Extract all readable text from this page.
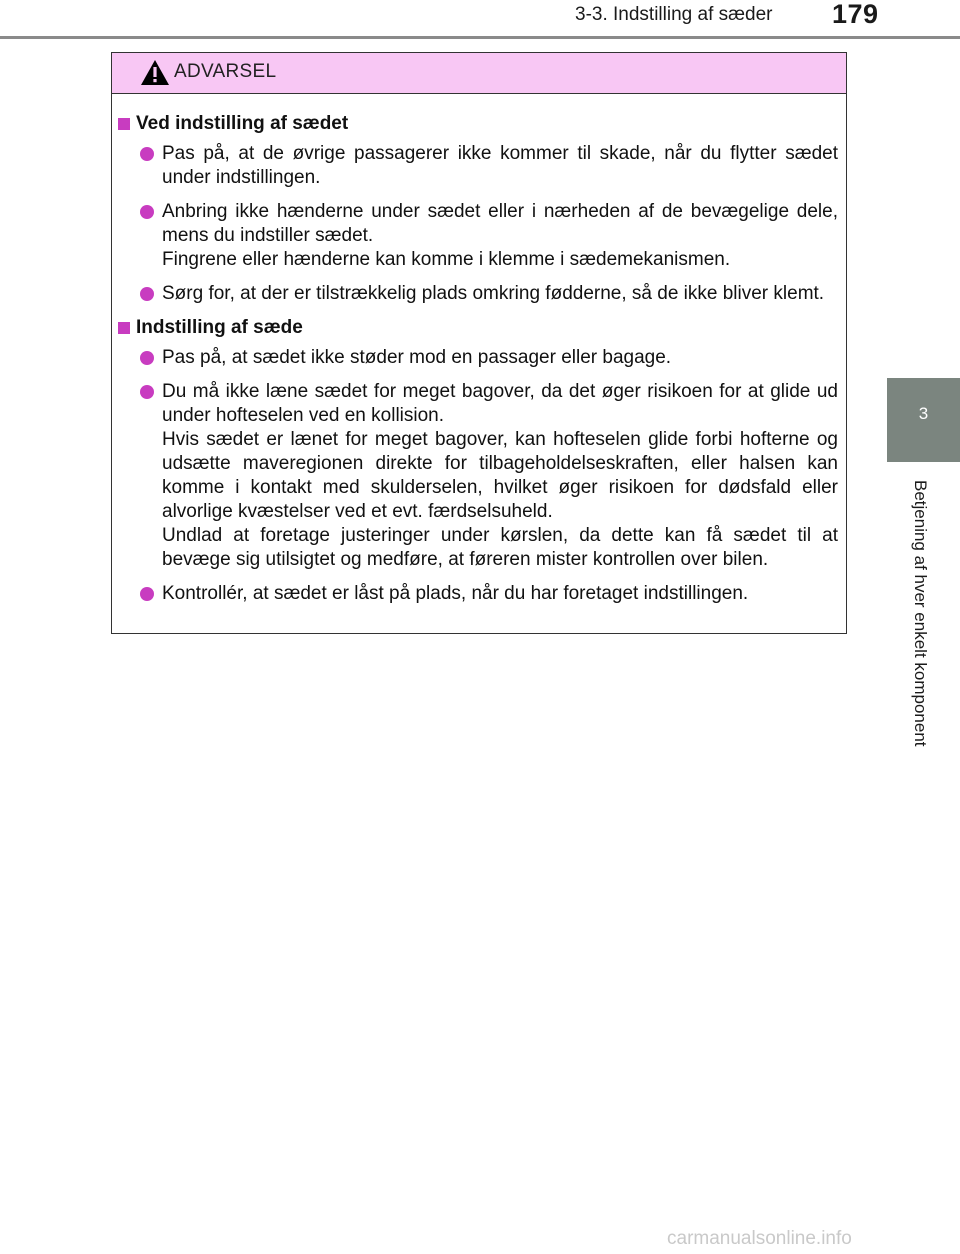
3-3. Indstilling af sæder 179
3
Betjening af hver enkelt komponent
ADVARSEL
Ved indstilling af sædet

Pas på, at de øvrige passagerer ikke kommer til skade, når du flytter sædet under indstillingen.

Anbring ikke hænderne under sædet eller i nærheden af de bevægelige dele, mens du indstiller sædet.

Fingrene eller hænderne kan komme i klemme i sædemekanismen.

Sørg for, at der er tilstrækkelig plads omkring fødderne, så de ikke bliver klemt.

Indstilling af sæde

Pas på, at sædet ikke støder mod en passager eller bagage.

Du må ikke læne sædet for meget bagover, da det øger risikoen for at glide ud under hofteselen ved en kollision.

Hvis sædet er lænet for meget bagover, kan hofteselen glide forbi hofterne og udsætte maveregionen direkte for tilbageholdelseskraften, eller halsen kan komme i kontakt med skulderselen, hvilket øger risikoen for dødsfald eller alvorlige kvæstelser ved et evt. færdselsuheld.

Undlad at foretage justeringer under kørslen, da dette kan få sædet til at bevæge sig utilsigtet og medføre, at føreren mister kontrollen over bilen.

Kontrollér, at sædet er låst på plads, når du har foretaget indstillingen.

carmanualsonline.info
